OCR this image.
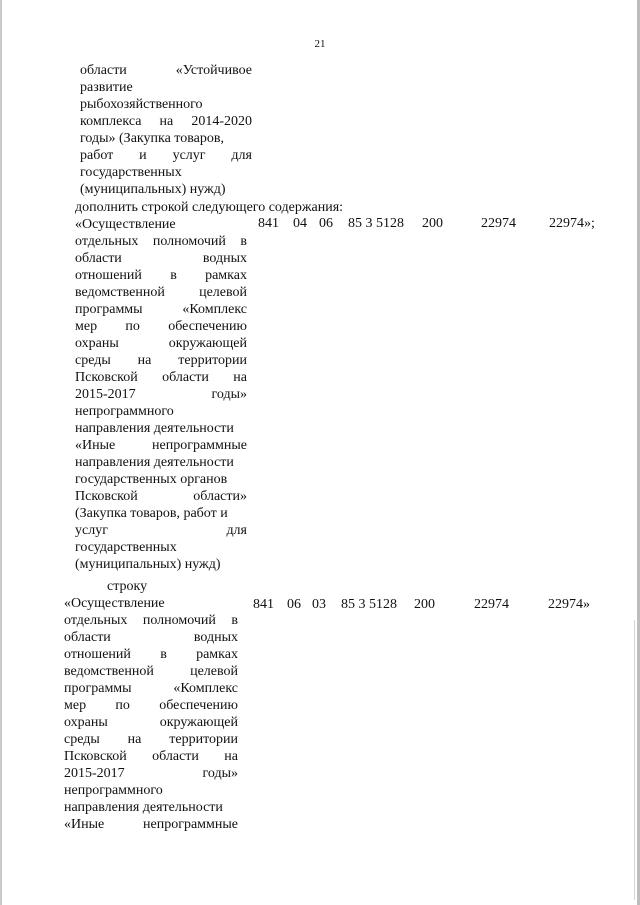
21
области	«Устойчивое
развитие
рыбохозяйственного
комплекса на 2014-2020
годы» (Закупка товаров,
работ и услуг для
государственных
(муниципальных) нужд)
дополнить строкой следующего содержания:
«Осуществление
отдельных полномочий в
области	водных
отношений в рамках
ведомственной целевой
программы	«Комплекс
мер по обеспечению
охраны	окружающей
среды на территории
Псковской области на
2015-2017	годы»
непрограммного
направления деятельности
«Иные	непрограммные
направления деятельности
государственных органов
Псковской	области»
(Закупка товаров, работ и
услуг	для
государственных
(муниципальных) нужд)
841 04 06 85 3 5128 200	22974 22974»;
строку
«Осуществление
отдельных полномочий в
области	водных
отношений в рамках
ведомственной	целевой
программы	«Комплекс
мер по обеспечению
охраны	окружающей
среды на территории
Псковской области на
2015-2017	годы»
непрограммного
направления деятельности
«Иные	непрограммные
841 06 03 85 3 5128 200	22974	22974»
